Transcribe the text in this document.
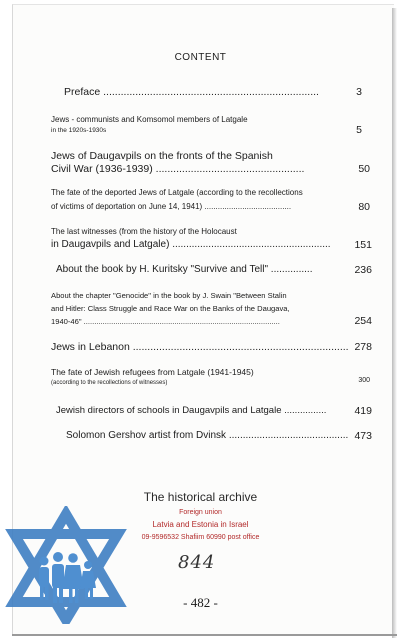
CONTENT
Preface ..........................................................................	3
Jews - communists and Komsomol members of Latgale
in the 1920s-1930s	5
Jews of Daugavpils on the fronts of the Spanish
Civil War (1936-1939) ...................................................	50
The fate of the deported Jews of Latgale (according to the recollections
of victims of deportation on June 14, 1941) .......................................	80
The last witnesses (from the history of the Holocaust
in Daugavpils and Latgale) .........................................................	151
About the book by H. Kuritsky "Survive and Tell" ...............	236
About the chapter "Genocide" in the book by J. Swain "Between Stalin
and Hitler: Class Struggle and Race War on the Banks of the Daugava,
1940-46" .............................................................................................	254
Jews in Lebanon .......................................................................... 278
The fate of Jewish refugees from Latgale (1941-1945)
(according to the recollections of witnesses)	300
Jewish directors of schools in Daugavpils and Latgale ................	419
Solomon Gershov artist from Dvinsk ........................................... 473
The historical archive
Foreign union
Latvia and Estonia in Israel
09-9596532 Shafiim 60990 post office
844
- 482 -
